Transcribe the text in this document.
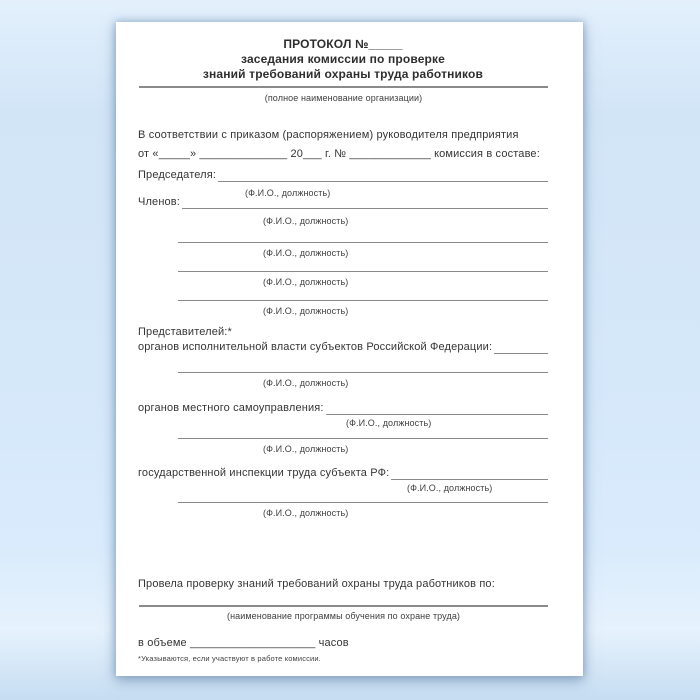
ПРОТОКОЛ №_____
заседания комиссии по проверке
знаний требований охраны труда работников
(полное наименование организации)
В соответствии с приказом (распоряжением) руководителя предприятия
от «_____» ______________ 20___ г. № _____________ комиссия в составе:
Председателя:
(Ф.И.О., должность)
Членов:
(Ф.И.О., должность)
(Ф.И.О., должность)
(Ф.И.О., должность)
(Ф.И.О., должность)
Представителей:*
органов исполнительной власти субъектов Российской Федерации:
(Ф.И.О., должность)
органов местного самоуправления:
(Ф.И.О., должность)
(Ф.И.О., должность)
государственной инспекции труда субъекта РФ:
(Ф.И.О., должность)
(Ф.И.О., должность)
Провела проверку знаний требований охраны труда работников по:
(наименование программы обучения по охране труда)
в объеме ____________________ часов
*Указываются, если участвуют в работе комиссии.
